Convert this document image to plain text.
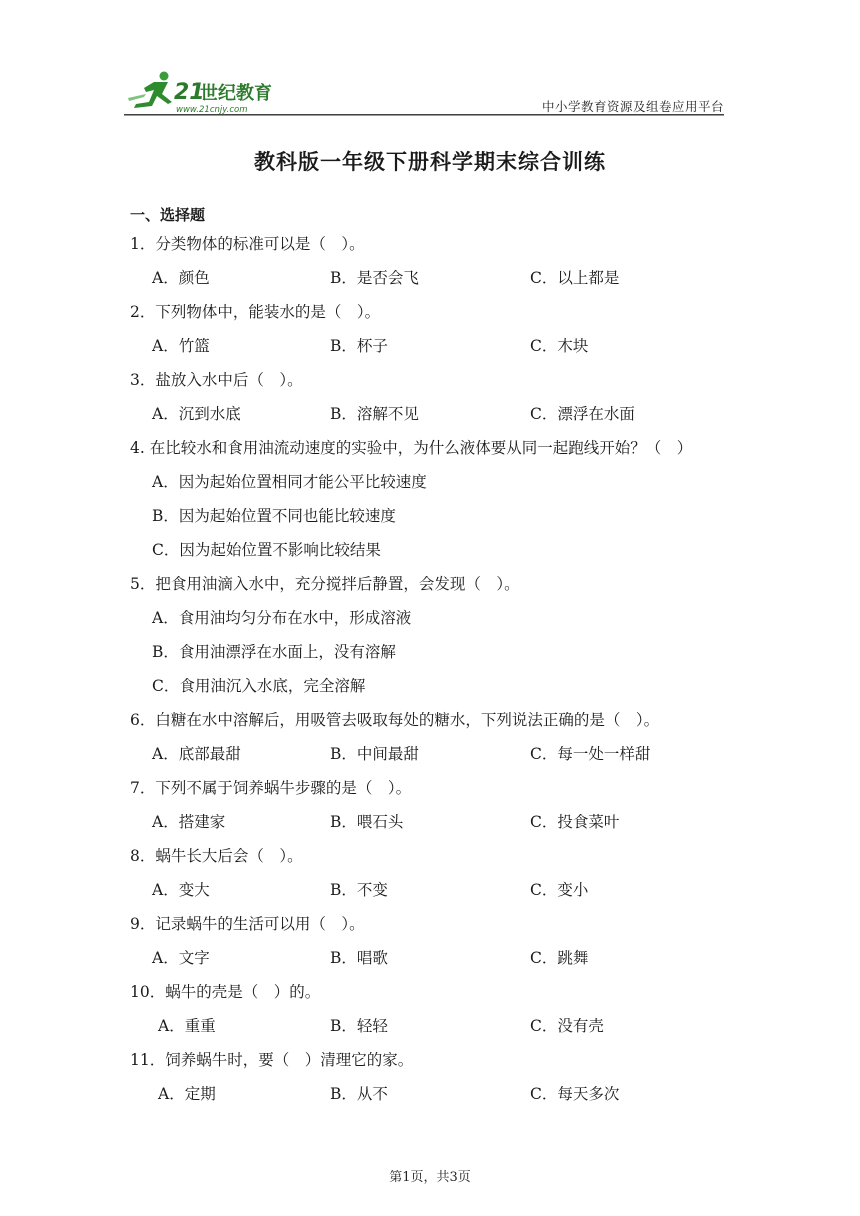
21
世纪教育
www.21cnjy.com	中小学教育资源及组卷应用平台
教科版一年级下册科学期末综合训练
一、选择题
1．分类物体的标准可以是（　）。
A．颜色	B．是否会飞	C．以上都是
2．下列物体中，能装水的是（　）。
A．竹篮	B．杯子	C．木块
3．盐放入水中后（　）。
A．沉到水底	B．溶解不见	C．漂浮在水面
4. 在比较水和食用油流动速度的实验中，为什么液体要从同一起跑线开始？（　）
A．因为起始位置相同才能公平比较速度
B．因为起始位置不同也能比较速度
C．因为起始位置不影响比较结果
5．把食用油滴入水中，充分搅拌后静置，会发现（　）。
A．食用油均匀分布在水中，形成溶液
B．食用油漂浮在水面上，没有溶解
C．食用油沉入水底，完全溶解
6．白糖在水中溶解后，用吸管去吸取每处的糖水，下列说法正确的是（　）。
A．底部最甜	B．中间最甜	C．每一处一样甜
7．下列不属于饲养蜗牛步骤的是（　）。
A．搭建家	B．喂石头	C．投食菜叶
8．蜗牛长大后会（　）。
A．变大	B．不变	C．变小
9．记录蜗牛的生活可以用（　）。
A．文字	B．唱歌	C．跳舞
10．蜗牛的壳是（　）的。
A．重重	B．轻轻	C．没有壳
11．饲养蜗牛时，要（　）清理它的家。
A．定期	B．从不	C．每天多次
第1页，共3页
